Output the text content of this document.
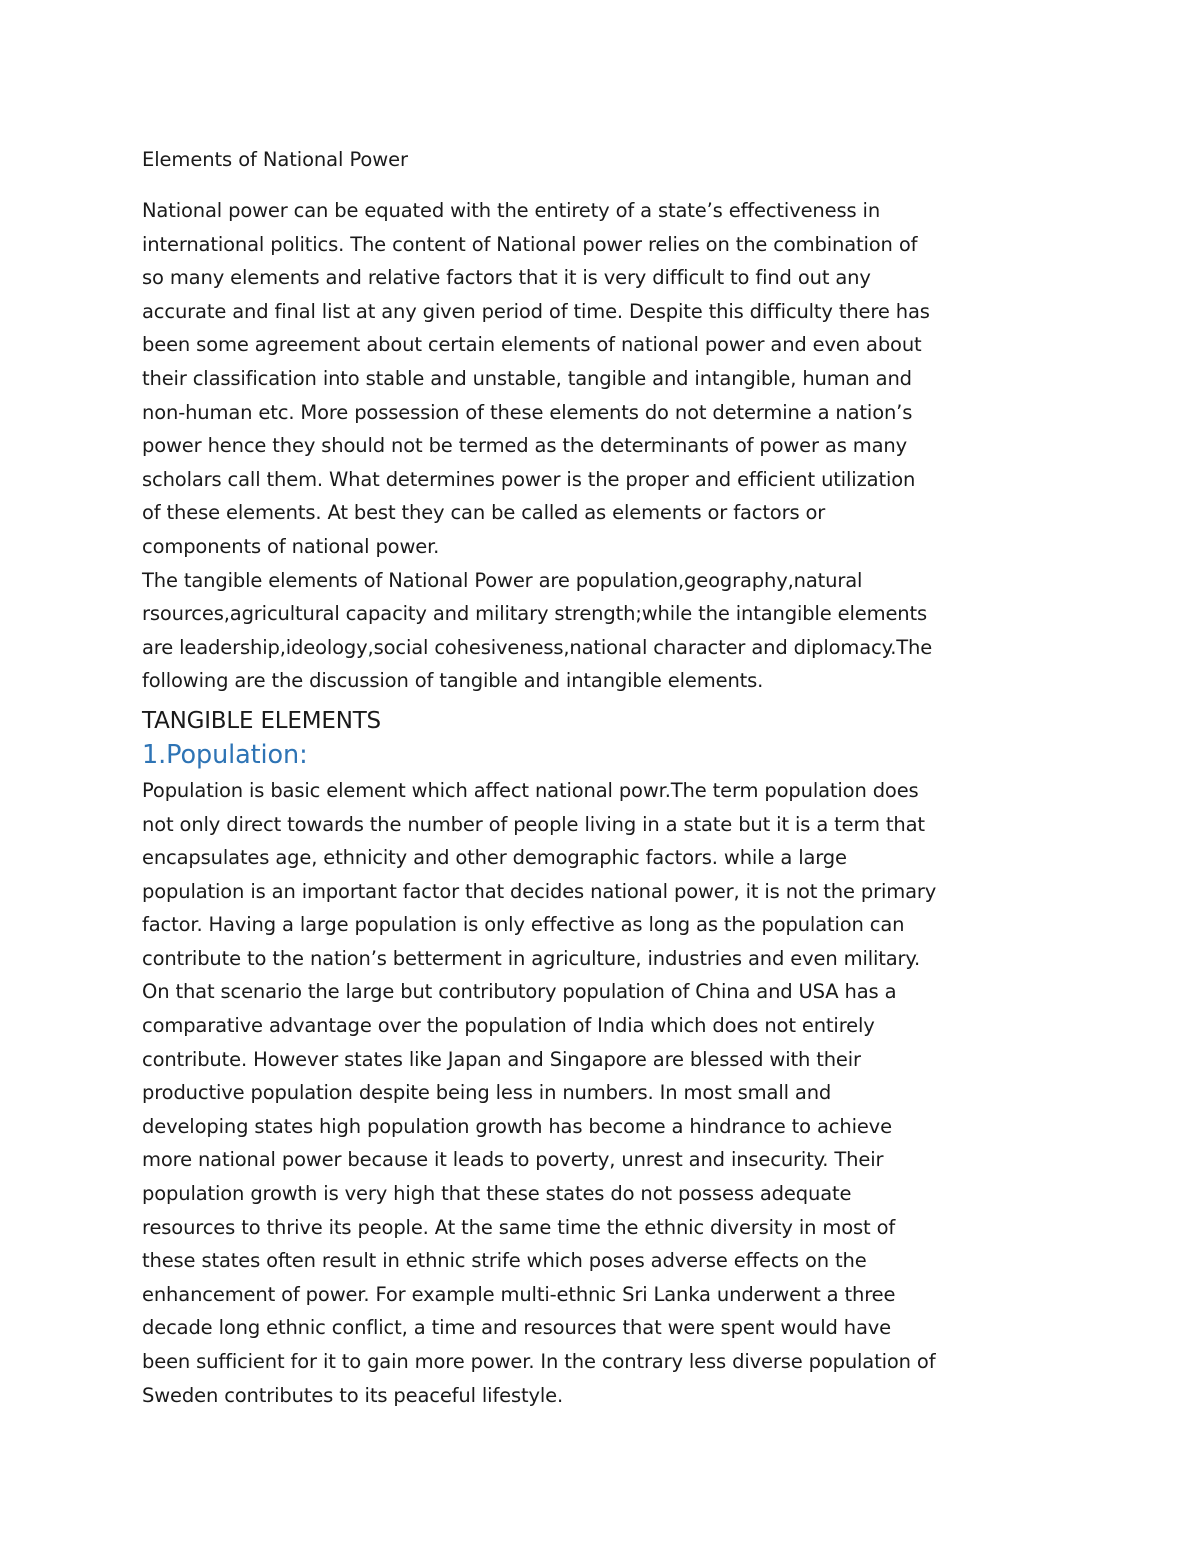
Elements of National Power

National power can be equated with the entirety of a state’s effectiveness in
international politics. The content of National power relies on the combination of
so many elements and relative factors that it is very difficult to find out any
accurate and final list at any given period of time. Despite this difficulty there has
been some agreement about certain elements of national power and even about
their classification into stable and unstable, tangible and intangible, human and
non-human etc. More possession of these elements do not determine a nation’s
power hence they should not be termed as the determinants of power as many
scholars call them. What determines power is the proper and efficient utilization
of these elements. At best they can be called as elements or factors or
components of national power.

The tangible elements of National Power are population,geography,natural
rsources,agricultural capacity and military strength;while the intangible elements
are leadership,ideology,social cohesiveness,national character and diplomacy.The
following are the discussion of tangible and intangible elements.

TANGIBLE ELEMENTS
1.Population:

Population is basic element which affect national powr.The term population does
not only direct towards the number of people living in a state but it is a term that
encapsulates age, ethnicity and other demographic factors. while a large
population is an important factor that decides national power, it is not the primary
factor. Having a large population is only effective as long as the population can
contribute to the nation’s betterment in agriculture, industries and even military.
On that scenario the large but contributory population of China and USA has a
comparative advantage over the population of India which does not entirely
contribute. However states like Japan and Singapore are blessed with their
productive population despite being less in numbers. In most small and
developing states high population growth has become a hindrance to achieve
more national power because it leads to poverty, unrest and insecurity. Their
population growth is very high that these states do not possess adequate
resources to thrive its people. At the same time the ethnic diversity in most of
these states often result in ethnic strife which poses adverse effects on the
enhancement of power. For example multi-ethnic Sri Lanka underwent a three
decade long ethnic conflict, a time and resources that were spent would have
been sufficient for it to gain more power. In the contrary less diverse population of
Sweden contributes to its peaceful lifestyle.
